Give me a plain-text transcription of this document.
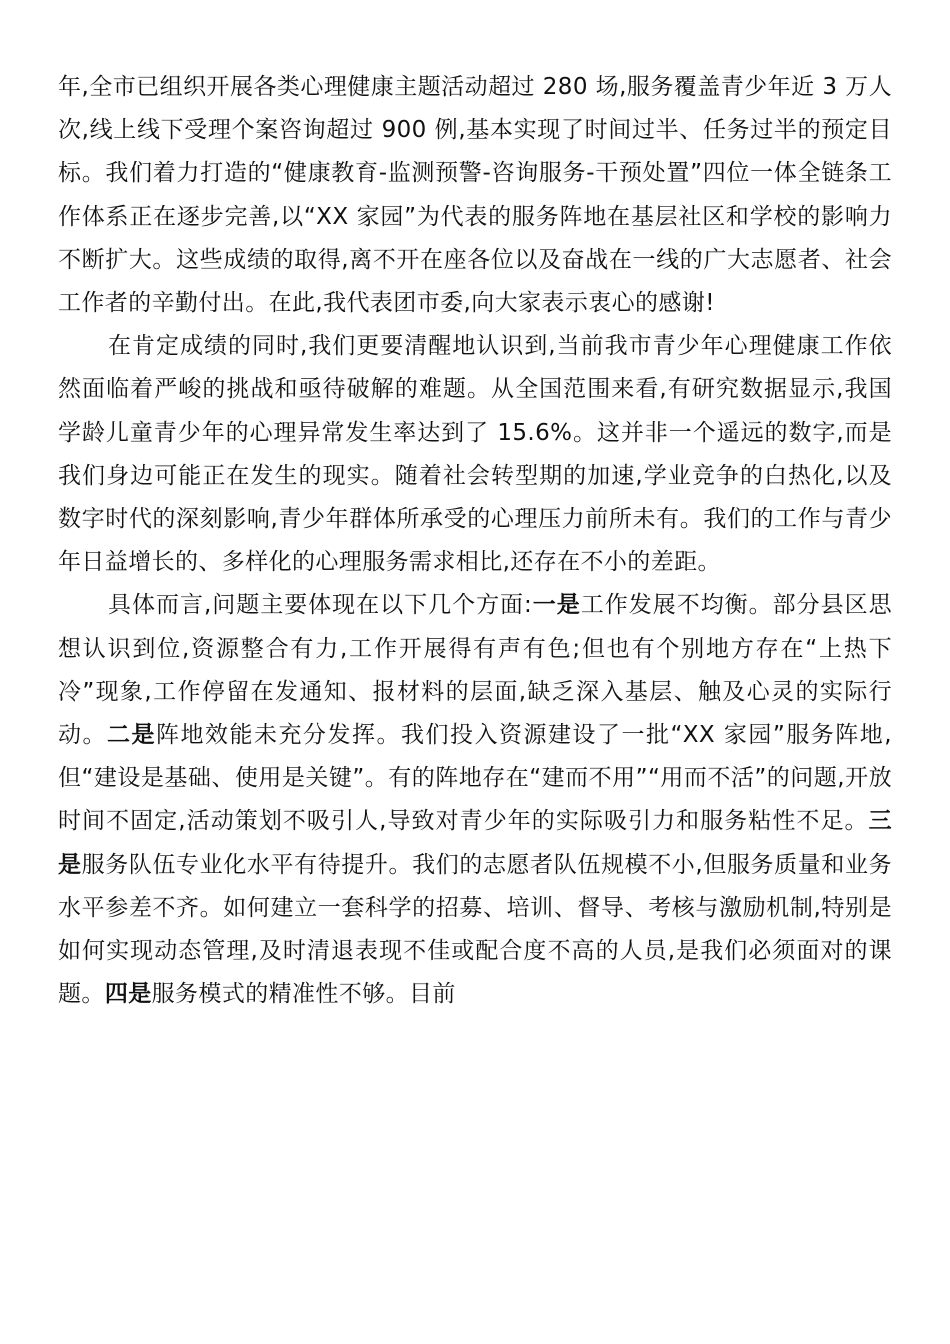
年,全市已组织开展各类心理健康主题活动超过 280 场,服务覆盖青少年近 3 万人次,线上线下受理个案咨询超过 900 例,基本实现了时间过半、任务过半的预定目标。我们着力打造的“健康教育-监测预警-咨询服务-干预处置”四位一体全链条工作体系正在逐步完善,以“XX 家园”为代表的服务阵地在基层社区和学校的影响力不断扩大。这些成绩的取得,离不开在座各位以及奋战在一线的广大志愿者、社会工作者的辛勤付出。在此,我代表团市委,向大家表示衷心的感谢!

在肯定成绩的同时,我们更要清醒地认识到,当前我市青少年心理健康工作依然面临着严峻的挑战和亟待破解的难题。从全国范围来看,有研究数据显示,我国学龄儿童青少年的心理异常发生率达到了 15.6%。这并非一个遥远的数字,而是我们身边可能正在发生的现实。随着社会转型期的加速,学业竞争的白热化,以及数字时代的深刻影响,青少年群体所承受的心理压力前所未有。我们的工作与青少年日益增长的、多样化的心理服务需求相比,还存在不小的差距。

具体而言,问题主要体现在以下几个方面:一是工作发展不均衡。部分县区思想认识到位,资源整合有力,工作开展得有声有色;但也有个别地方存在“上热下冷”现象,工作停留在发通知、报材料的层面,缺乏深入基层、触及心灵的实际行动。二是阵地效能未充分发挥。我们投入资源建设了一批“XX 家园”服务阵地,但“建设是基础、使用是关键”。有的阵地存在“建而不用”“用而不活”的问题,开放时间不固定,活动策划不吸引人,导致对青少年的实际吸引力和服务粘性不足。三是服务队伍专业化水平有待提升。我们的志愿者队伍规模不小,但服务质量和业务水平参差不齐。如何建立一套科学的招募、培训、督导、考核与激励机制,特别是如何实现动态管理,及时清退表现不佳或配合度不高的人员,是我们必须面对的课题。四是服务模式的精准性不够。目前
